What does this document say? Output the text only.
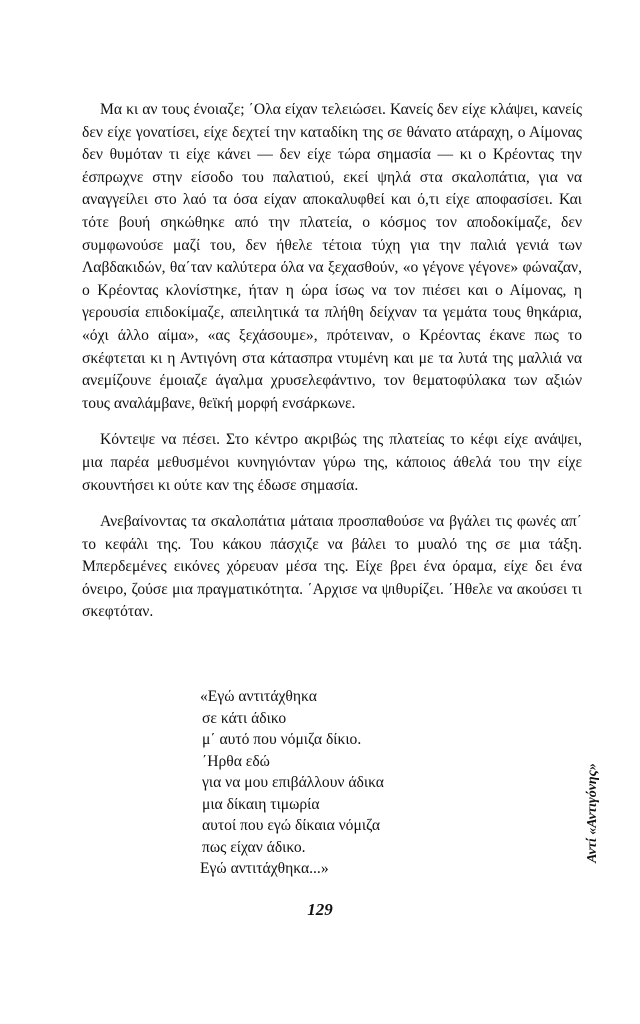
Μα κι αν τους ένοιαζε; ΄Ολα είχαν τελειώσει. Κανείς δεν είχε κλάψει, κανείς δεν είχε γονατίσει, είχε δεχτεί την καταδίκη της σε θάνατο ατάραχη, ο Αίμονας δεν θυμόταν τι είχε κάνει — δεν είχε τώρα σημασία — κι ο Κρέοντας την έσπρωχνε στην είσοδο του παλατιού, εκεί ψηλά στα σκαλοπάτια, για να αναγγείλει στο λαό τα όσα είχαν αποκαλυφθεί και ό,τι είχε αποφασίσει. Και τότε βουή σηκώθηκε από την πλατεία, ο κόσμος τον αποδοκίμαζε, δεν συμφωνούσε μαζί του, δεν ήθελε τέτοια τύχη για την παλιά γενιά των Λαβδακιδών, θα΄ταν καλύτερα όλα να ξεχασθούν, «ο γέγονε γέγονε» φώναζαν, ο Κρέοντας κλονίστηκε, ήταν η ώρα ίσως να τον πιέσει και ο Αίμονας, η γερουσία επιδοκίμαζε, απειλητικά τα πλήθη δείχναν τα γεμάτα τους θηκάρια, «όχι άλλο αίμα», «ας ξεχάσουμε», πρότειναν, ο Κρέοντας έκανε πως το σκέφτεται κι η Αντιγόνη στα κάτασπρα ντυμένη και με τα λυτά της μαλλιά να ανεμίζουνε έμοιαζε άγαλμα χρυσελεφάντινο, τον θεματοφύλακα των αξιών τους αναλάμβανε, θεϊκή μορφή ενσάρκωνε.

Κόντεψε να πέσει. Στο κέντρο ακριβώς της πλατείας το κέφι είχε ανάψει, μια παρέα μεθυσμένοι κυνηγιόνταν γύρω της, κάποιος άθελά του την είχε σκουντήσει κι ούτε καν της έδωσε σημασία.

Ανεβαίνοντας τα σκαλοπάτια μάταια προσπαθούσε να βγάλει τις φωνές απ΄ το κεφάλι της. Του κάκου πάσχιζε να βάλει το μυαλό της σε μια τάξη. Μπερδεμένες εικόνες χόρευαν μέσα της. Είχε βρει ένα όραμα, είχε δει ένα όνειρο, ζούσε μια πραγματικότητα. ΄Αρχισε να ψιθυρίζει. ΄Ηθελε να ακούσει τι σκεφτόταν.

«Εγώ αντιτάχθηκα
σε κάτι άδικο
μ΄ αυτό που νόμιζα δίκιο.
΄Ηρθα εδώ
για να μου επιβάλλουν άδικα
μια δίκαιη τιμωρία
αυτοί που εγώ δίκαια νόμιζα
πως είχαν άδικο.
Εγώ αντιτάχθηκα...»
Αντί «Αντιγόνης»
129
